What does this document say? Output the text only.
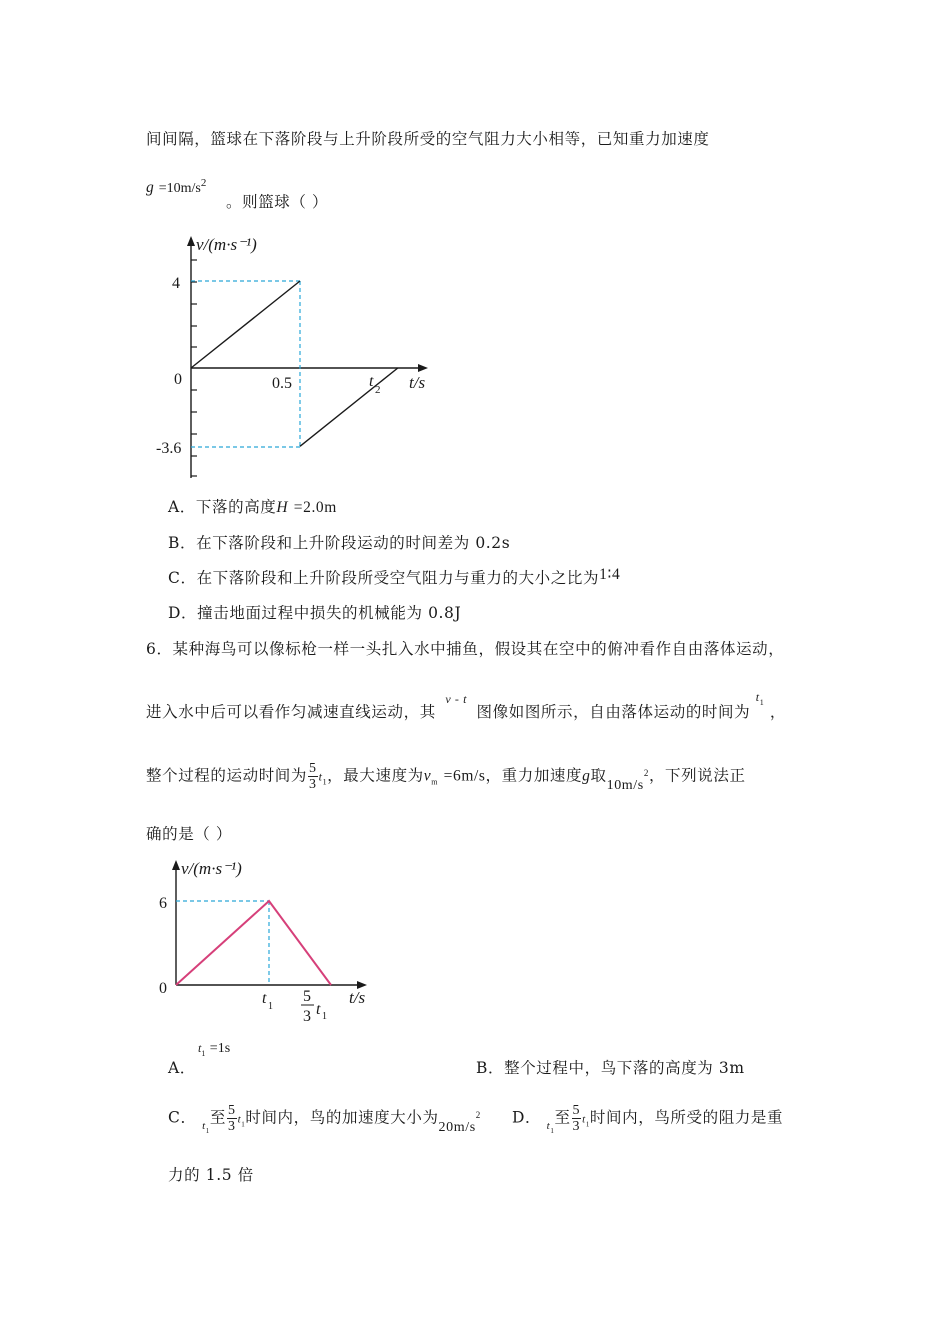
间间隔，篮球在下落阶段与上升阶段所受的空气阻力大小相等，已知重力加速度
$g =10m/s^2$
。则篮球（ ）
v/(m·s⁻¹)
4
0
-3.6
0.5	t 2 t/s
A．下落的高度H =2.0m
B．在下落阶段和上升阶段运动的时间差为 0.2s
C．在下落阶段和上升阶段所受空气阻力与重力的大小之比为1∶4
D．撞击地面过程中损失的机械能为 0.8J
6．某种海鸟可以像标枪一样一头扎入水中捕鱼，假设其在空中的俯冲看作自由落体运动，
进入水中后可以看作匀减速直线运动，其 $^{v - t}$ 图像如图所示，自由落体运动的时间为 $t_1$ ，
整个过程的运动时间为 $\frac{5}{3} t_1$，最大速度为$v_m =6m/s$，重力加速度g取$10m/s^2$，下列说法正
确的是（ ）
v/(m·s⁻¹)
6
0
t 1
5
3 t 1
t/s
A．
$t_1 =1s$
B．整个过程中，鸟下落的高度为 3m
C． $t_1$至 $\frac{5}{3} t_1$时间内，鸟的加速度大小为$20m/s^2$ D． $t_1$至 $\frac{5}{3} t_1$时间内，鸟所受的阻力是重
力的 1.5 倍
